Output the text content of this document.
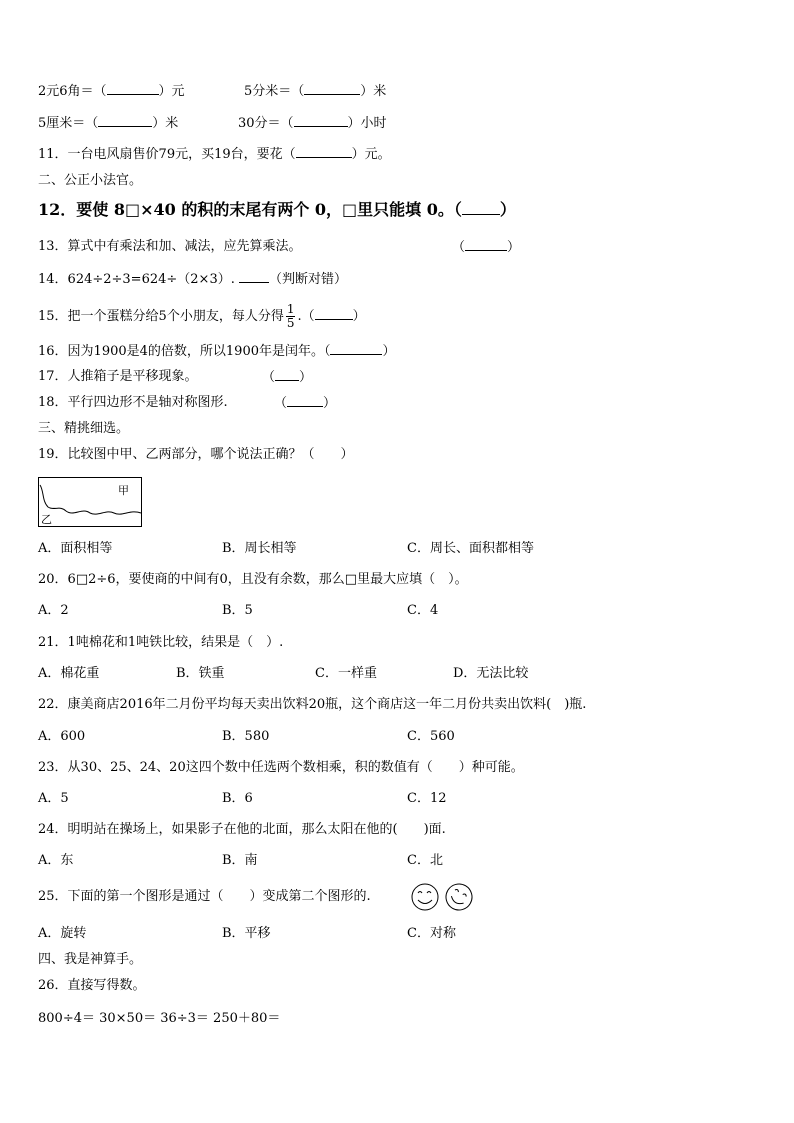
2元6角＝（	）元	5分米＝（	）米
5厘米＝（	）米	30分＝（	）小时
11．一台电风扇售价79元，买19台，要花（	）元。
二、公正小法官。
12．要使 8□×40 的积的末尾有两个 0，□里只能填 0。（ ）
13．算式中有乘法和加、减法，应先算乘法。	（	）
14．624÷2÷3=624÷（2×3）.	（判断对错）
15．把一个蛋糕分给5个小朋友，每人分得 $\frac{1}{5}$ .（	）
16．因为1900是4的倍数，所以1900年是闰年。（	）
17．人推箱子是平移现象。	（ ）
18．平行四边形不是轴对称图形.	（	）
三、精挑细选。
19．比较图中甲、乙两部分，哪个说法正确？（　　）
甲
乙
A．面积相等	B．周长相等	C．周长、面积都相等
20．6□2÷6，要使商的中间有0，且没有余数，那么□里最大应填（　）。
A．2	B．5	C．4
21．1吨棉花和1吨铁比较，结果是（　）.
A．棉花重	B．铁重	C．一样重	D．无法比较
22．康美商店2016年二月份平均每天卖出饮料20瓶，这个商店这一年二月份共卖出饮料(　)瓶.
A．600	B．580	C．560
23．从30、25、24、20这四个数中任选两个数相乘，积的数值有（　　）种可能。
A．5	B．6	C．12
24．明明站在操场上，如果影子在他的北面，那么太阳在他的(　　)面.
A．东	B．南	C．北
25．下面的第一个图形是通过（　　）变成第二个图形的.
A．旋转	B．平移	C．对称
四、我是神算手。
26．直接写得数。
800÷4＝ 30×50＝ 36÷3＝ 250＋80＝
